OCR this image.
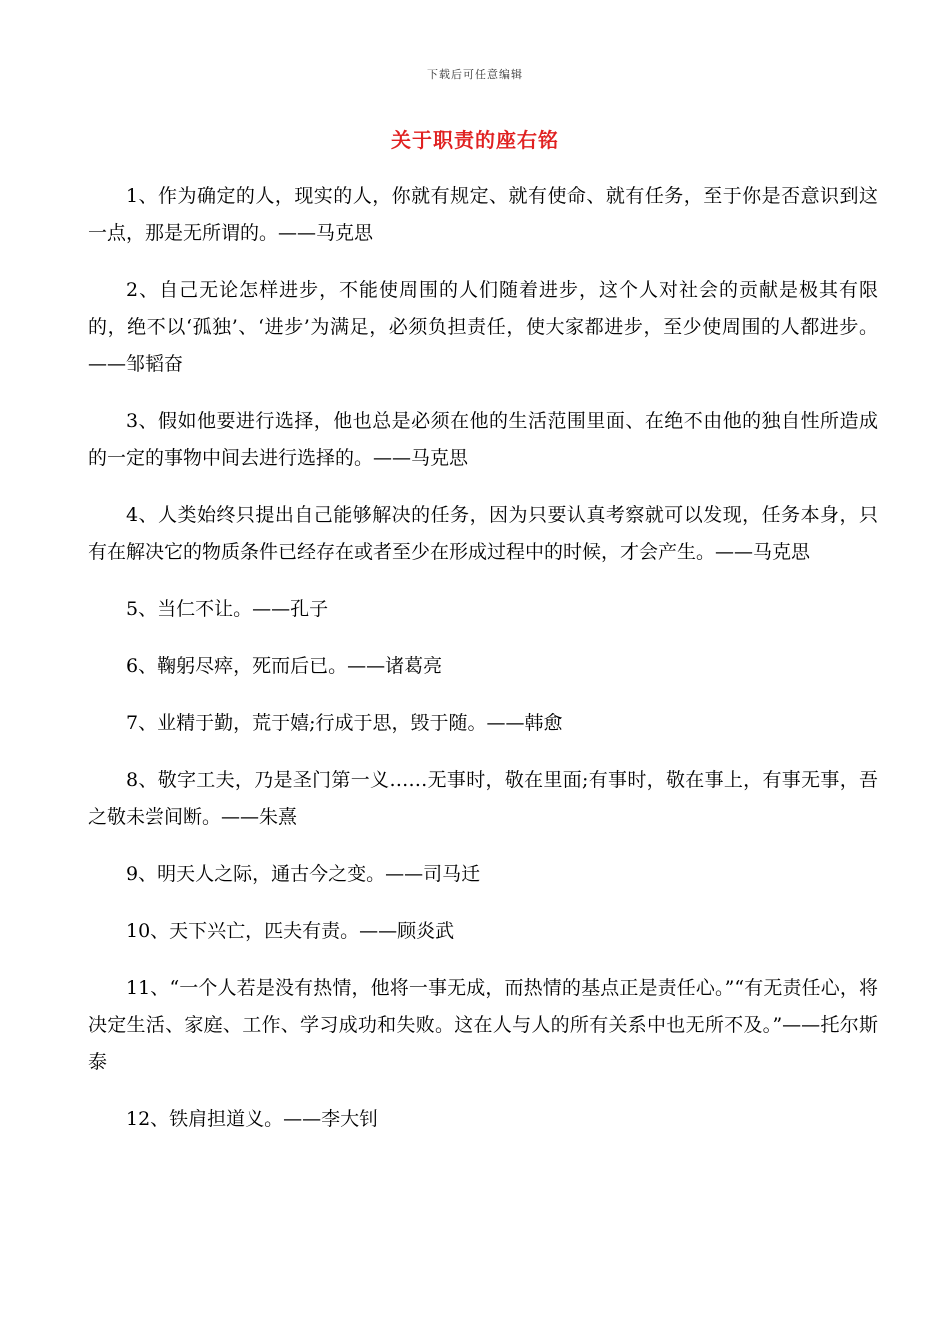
下载后可任意编辑
关于职责的座右铭

1、作为确定的人，现实的人，你就有规定、就有使命、就有任务，至于你是否意识到这一点，那是无所谓的。——马克思

2、自己无论怎样进步，不能使周围的人们随着进步，这个人对社会的贡献是极其有限的，绝不以‘孤独’、‘进步’为满足，必须负担责任，使大家都进步，至少使周围的人都进步。——邹韬奋

3、假如他要进行选择，他也总是必须在他的生活范围里面、在绝不由他的独自性所造成的一定的事物中间去进行选择的。——马克思

4、人类始终只提出自己能够解决的任务，因为只要认真考察就可以发现，任务本身，只有在解决它的物质条件已经存在或者至少在形成过程中的时候，才会产生。——马克思

5、当仁不让。——孔子

6、鞠躬尽瘁，死而后已。——诸葛亮

7、业精于勤，荒于嬉;行成于思，毁于随。——韩愈

8、敬字工夫，乃是圣门第一义……无事时，敬在里面;有事时，敬在事上，有事无事，吾之敬未尝间断。——朱熹

9、明天人之际，通古今之变。——司马迁

10、天下兴亡，匹夫有责。——顾炎武

11、“一个人若是没有热情，他将一事无成，而热情的基点正是责任心。”“有无责任心，将决定生活、家庭、工作、学习成功和失败。这在人与人的所有关系中也无所不及。”——托尔斯泰

12、铁肩担道义。——李大钊
